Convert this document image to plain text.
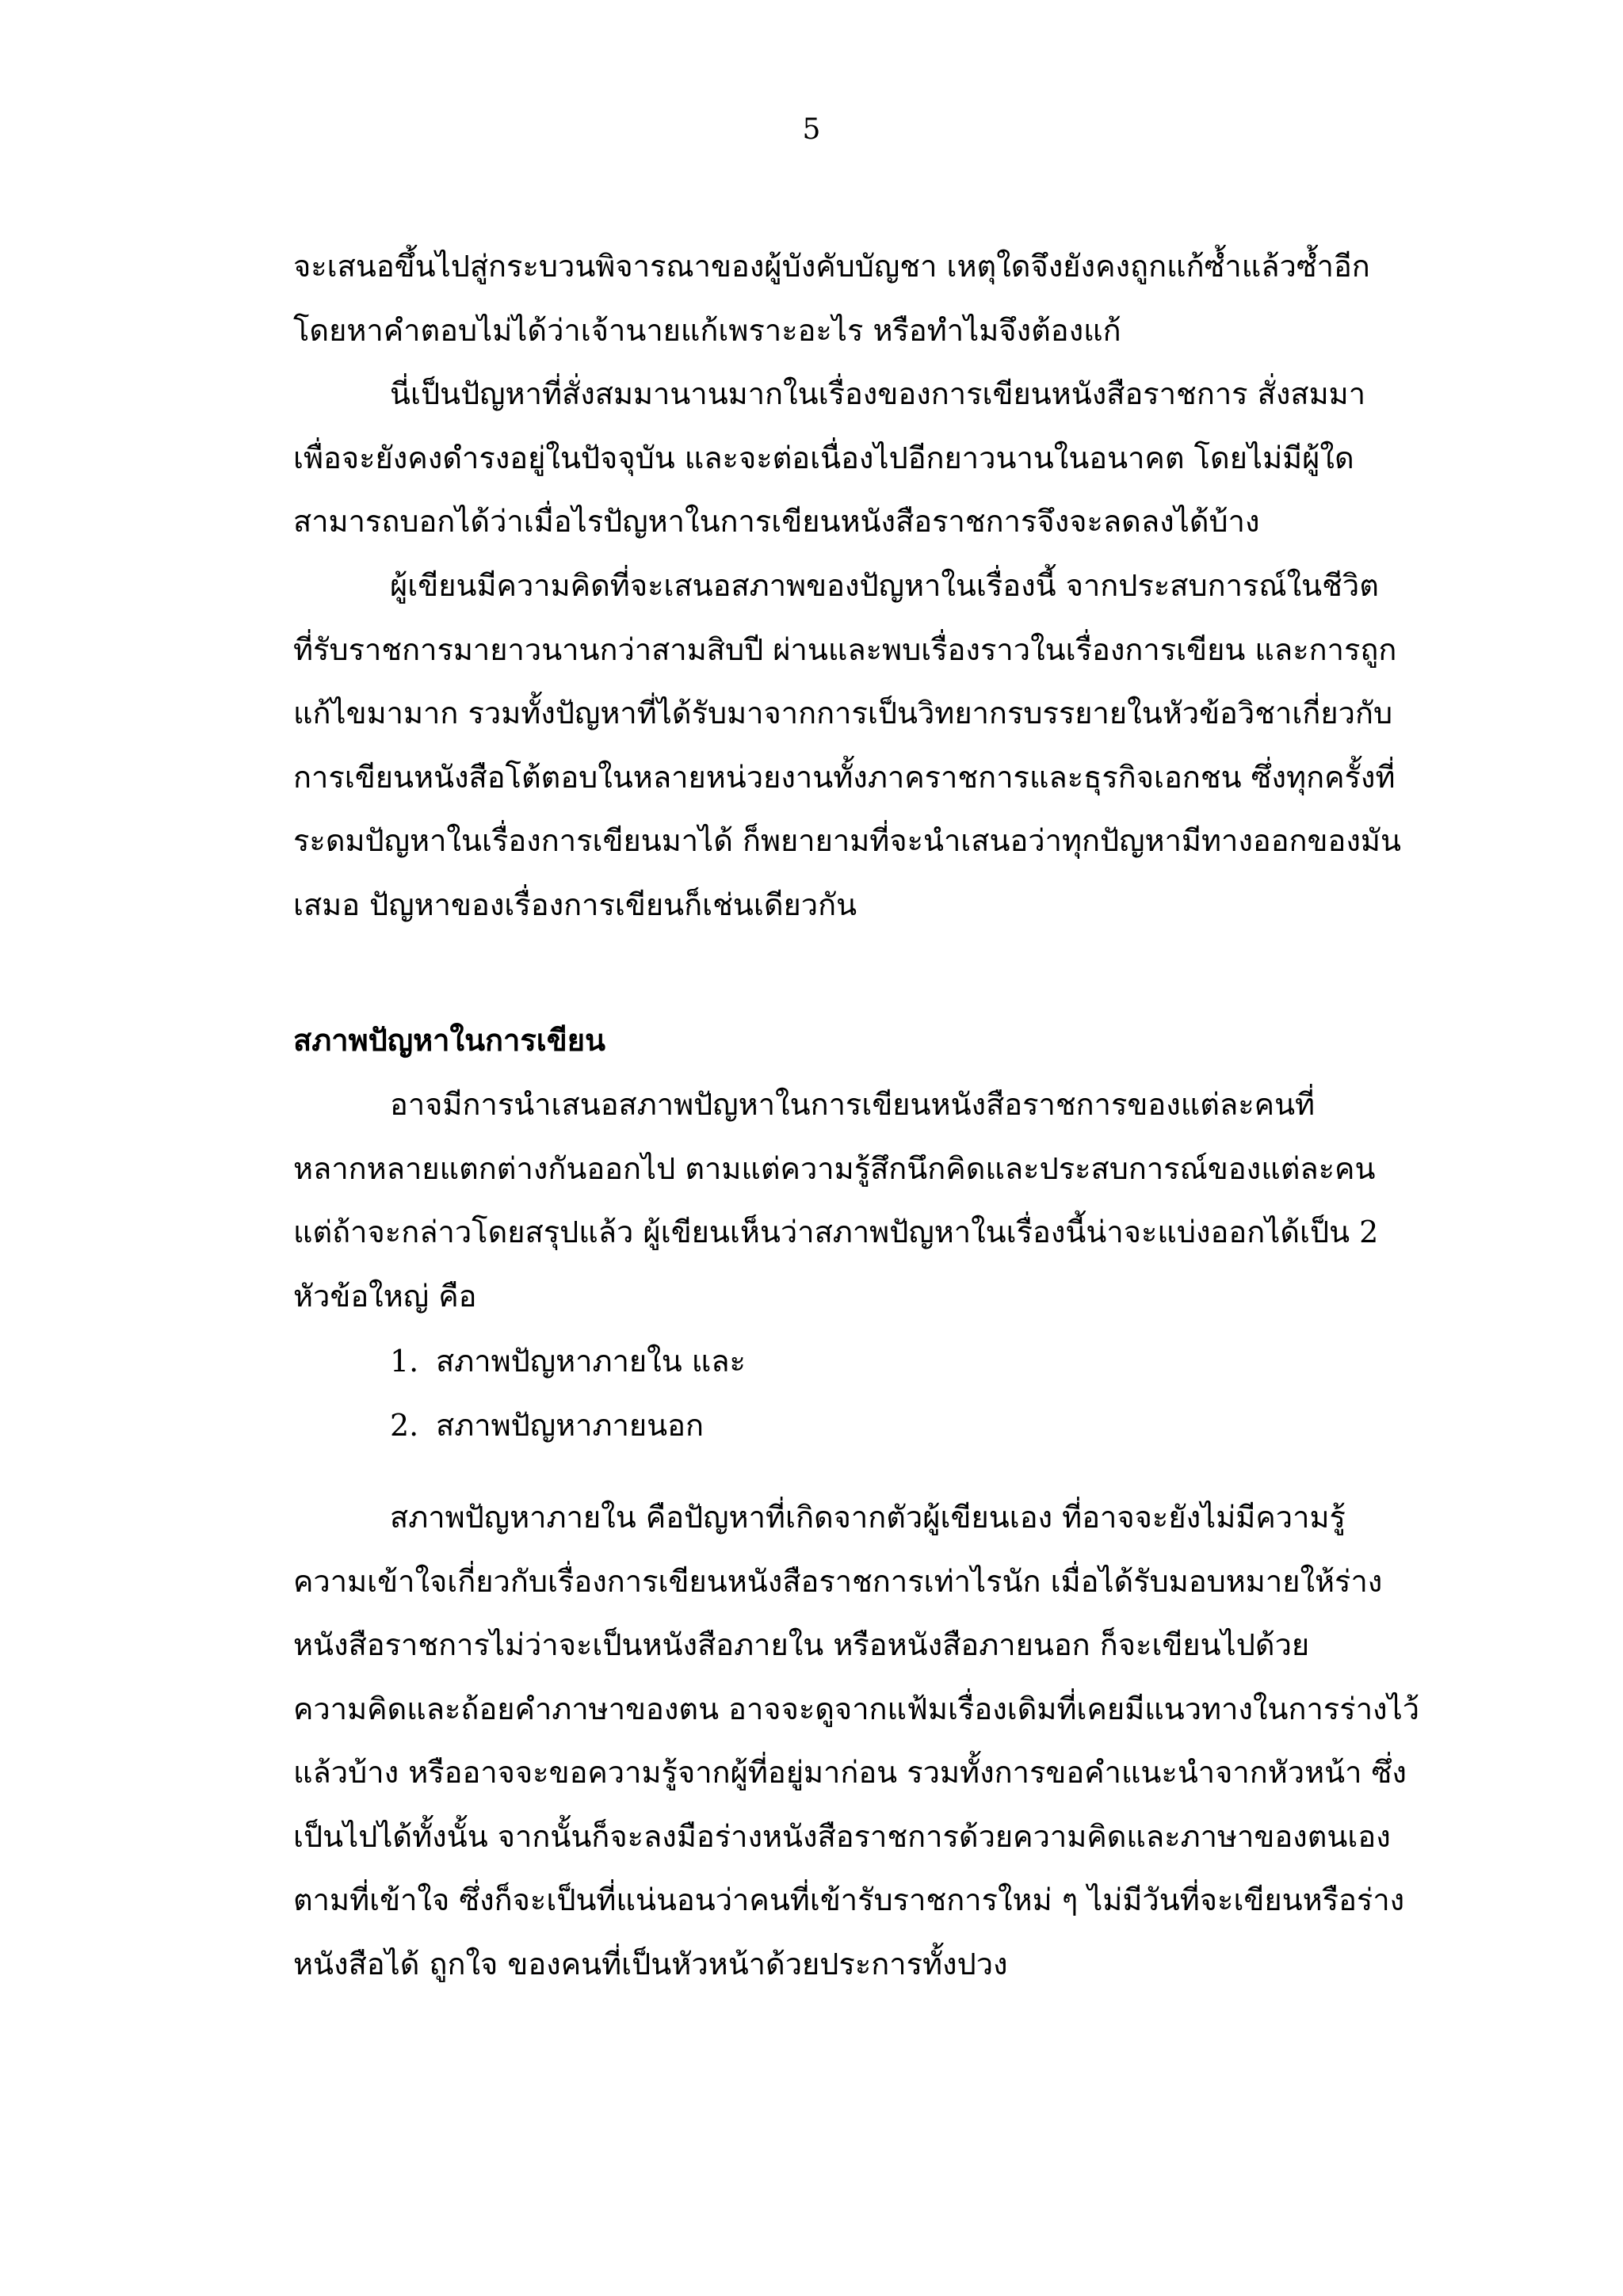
5
จะเสนอขึ้นไปสู่กระบวนพิจารณาของผู้บังคับบัญชา เหตุใดจึงยังคงถูกแก้ซ้ำแล้วซ้ำอีก
โดยหาคำตอบไม่ได้ว่าเจ้านายแก้เพราะอะไร หรือทำไมจึงต้องแก้
นี่เป็นปัญหาที่สั่งสมมานานมากในเรื่องของการเขียนหนังสือราชการ สั่งสมมา
เพื่อจะยังคงดำรงอยู่ในปัจจุบัน และจะต่อเนื่องไปอีกยาวนานในอนาคต โดยไม่มีผู้ใด
สามารถบอกได้ว่าเมื่อไรปัญหาในการเขียนหนังสือราชการจึงจะลดลงได้บ้าง
ผู้เขียนมีความคิดที่จะเสนอสภาพของปัญหาในเรื่องนี้ จากประสบการณ์ในชีวิต
ที่รับราชการมายาวนานกว่าสามสิบปี ผ่านและพบเรื่องราวในเรื่องการเขียน และการถูก
แก้ไขมามาก รวมทั้งปัญหาที่ได้รับมาจากการเป็นวิทยากรบรรยายในหัวข้อวิชาเกี่ยวกับ
การเขียนหนังสือโต้ตอบในหลายหน่วยงานทั้งภาคราชการและธุรกิจเอกชน ซึ่งทุกครั้งที่
ระดมปัญหาในเรื่องการเขียนมาได้ ก็พยายามที่จะนำเสนอว่าทุกปัญหามีทางออกของมัน
เสมอ ปัญหาของเรื่องการเขียนก็เช่นเดียวกัน
สภาพปัญหาในการเขียน
อาจมีการนำเสนอสภาพปัญหาในการเขียนหนังสือราชการของแต่ละคนที่
หลากหลายแตกต่างกันออกไป ตามแต่ความรู้สึกนึกคิดและประสบการณ์ของแต่ละคน
แต่ถ้าจะกล่าวโดยสรุปแล้ว ผู้เขียนเห็นว่าสภาพปัญหาในเรื่องนี้น่าจะแบ่งออกได้เป็น 2
หัวข้อใหญ่ คือ
1. สภาพปัญหาภายใน และ
2. สภาพปัญหาภายนอก
สภาพปัญหาภายใน คือปัญหาที่เกิดจากตัวผู้เขียนเอง ที่อาจจะยังไม่มีความรู้
ความเข้าใจเกี่ยวกับเรื่องการเขียนหนังสือราชการเท่าไรนัก เมื่อได้รับมอบหมายให้ร่าง
หนังสือราชการไม่ว่าจะเป็นหนังสือภายใน หรือหนังสือภายนอก ก็จะเขียนไปด้วย
ความคิดและถ้อยคำภาษาของตน อาจจะดูจากแฟ้มเรื่องเดิมที่เคยมีแนวทางในการร่างไว้
แล้วบ้าง หรืออาจจะขอความรู้จากผู้ที่อยู่มาก่อน รวมทั้งการขอคำแนะนำจากหัวหน้า ซึ่ง
เป็นไปได้ทั้งนั้น จากนั้นก็จะลงมือร่างหนังสือราชการด้วยความคิดและภาษาของตนเอง
ตามที่เข้าใจ ซึ่งก็จะเป็นที่แน่นอนว่าคนที่เข้ารับราชการใหม่ ๆ ไม่มีวันที่จะเขียนหรือร่าง
หนังสือได้ ถูกใจ ของคนที่เป็นหัวหน้าด้วยประการทั้งปวง
